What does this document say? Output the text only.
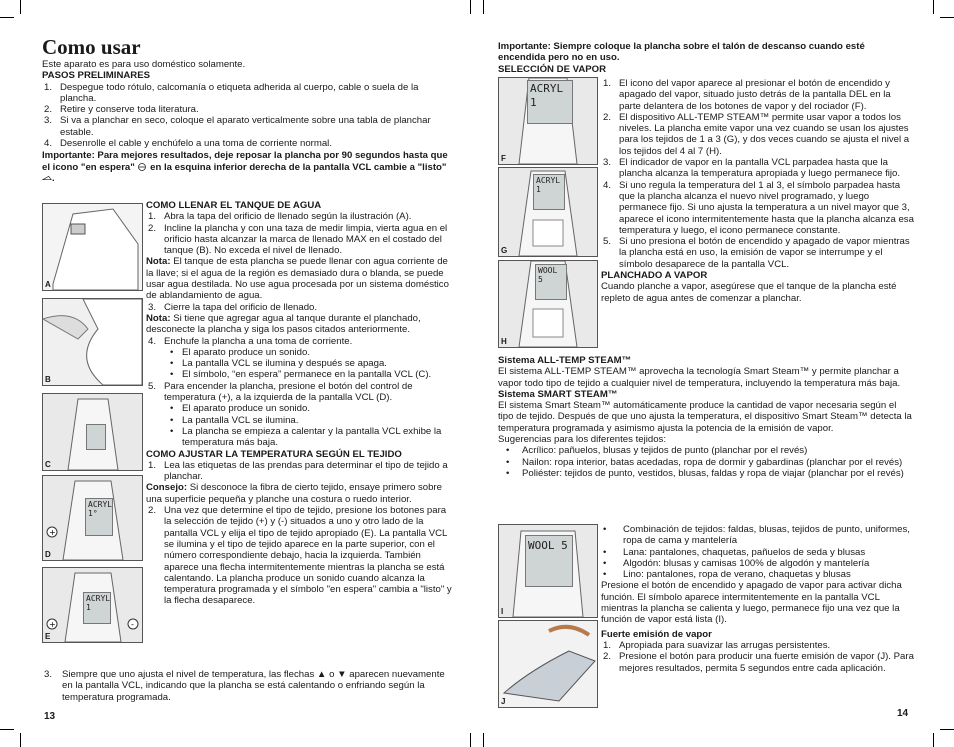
Como usar

Este aparato es para uso doméstico solamente.

PASOS PRELIMINARES

1. Despegue todo rótulo, calcomanía o etiqueta adherida al cuerpo, cable o suela de la plancha.
2. Retire y conserve toda literatura.
3. Si va a planchar en seco, coloque el aparato verticalmente sobre una tabla de planchar estable.
4. Desenrolle el cable y enchúfelo a una toma de corriente normal.

Importante: Para mejores resultados, deje reposar la plancha por 90 segundos hasta que el icono "en espera" en la esquina inferior derecha de la pantalla VCL cambie a "listo" .

A
B
C
+
ACRYL 1°
D
+	-
ACRYL 1
E

COMO LLENAR EL TANQUE DE AGUA

1. Abra la tapa del orificio de llenado según la ilustración (A).
2. Incline la plancha y con una taza de medir limpia, vierta agua en el orificio hasta alcanzar la marca de llenado MAX en el costado del tanque (B). No exceda el nivel de llenado.

Nota: El tanque de esta plancha se puede llenar con agua corriente de la llave; si el agua de la región es demasiado dura o blanda, se puede usar agua destilada. No use agua procesada por un sistema doméstico de ablandamiento de agua.

3. Cierre la tapa del orificio de llenado.

Nota: Si tiene que agregar agua al tanque durante el planchado, desconecte la plancha y siga los pasos citados anteriormente.

4. Enchufe la plancha a una toma de corriente.
• El aparato produce un sonido.
• La pantalla VCL se ilumina y después se apaga.
• El símbolo, “en espera” permanece en la pantalla VCL (C).
5. Para encender la plancha, presione el botón del control de temperatura (+), a la izquierda de la pantalla VCL (D).
• El aparato produce un sonido.
• La pantalla VCL se ilumina.
• La plancha se empieza a calentar y la pantalla VCL exhibe la temperatura más baja.

COMO AJUSTAR LA TEMPERATURA SEGÚN EL TEJIDO

1. Lea las etiquetas de las prendas para determinar el tipo de tejido a planchar.

Consejo: Si desconoce la fibra de cierto tejido, ensaye primero sobre una superficie pequeña y planche una costura o ruedo interior.

2. Una vez que determine el tipo de tejido, presione los botones para la selección de tejido (+) y (-) situados a uno y otro lado de la pantalla VCL y elija el tipo de tejido apropiado (E). La pantalla VCL se ilumina y el tipo de tejido aparece en la parte superior, con el número correspondiente debajo, hacia la izquierda. También aparece una flecha intermitentemente mientras la plancha se está calentando. La plancha produce un sonido cuando alcanza la temperatura programada y el símbolo "en espera" cambia a "listo" y la flecha desaparece.
3. Siempre que uno ajusta el nivel de temperatura, las flechas ▲ o ▼ aparecen nuevamente en la pantalla VCL, indicando que la plancha se está calentando o enfriando según la temperatura programada.
13

Importante: Siempre coloque la plancha sobre el talón de descanso cuando esté encendida pero no en uso.

SELECCIÓN DE VAPOR

ACRYL 1
F
ACRYL 1
G
WOOL 5
H
1. El icono del vapor aparece al presionar el botón de encendido y apagado del vapor, situado justo detrás de la pantalla DEL en la parte delantera de los botones de vapor y del rociador (F).
2. El dispositivo ALL-TEMP STEAM™ permite usar vapor a todos los niveles. La plancha emite vapor una vez cuando se usan los ajustes para los tejidos de 1 a 3 (G), y dos veces cuando se ajusta el nivel a los tejidos del 4 al 7 (H).
3. El indicador de vapor en la pantalla VCL parpadea hasta que la plancha alcanza la temperatura apropiada y luego permanece fijo.
4. Si uno regula la temperatura del 1 al 3, el símbolo parpadea hasta que la plancha alcanza el nuevo nivel programado, y luego permanece fijo. Si uno ajusta la temperatura a un nivel mayor que 3, aparece el icono intermitentemente hasta que la plancha alcanza esa temperatura y luego, el icono permanece constante.
5. Si uno presiona el botón de encendido y apagado de vapor mientras la plancha está en uso, la emisión de vapor se interrumpe y el símbolo desaparece de la pantalla VCL.

PLANCHADO A VAPOR

Cuando planche a vapor, asegúrese que el tanque de la plancha esté repleto de agua antes de comenzar a planchar.

Sistema ALL-TEMP STEAM™

El sistema ALL-TEMP STEAM™ aprovecha la tecnología Smart Steam™ y permite planchar a vapor todo tipo de tejido a cualquier nivel de temperatura, incluyendo la temperatura más baja.

Sistema SMART STEAM™

El sistema Smart Steam™ automáticamente produce la cantidad de vapor necesaria según el tipo de tejido. Después de que uno ajusta la temperatura, el dispositivo Smart Steam™ detecta la temperatura programada y asimismo ajusta la potencia de la emisión de vapor.

Sugerencias para los diferentes tejidos:

• Acrílico: pañuelos, blusas y tejidos de punto (planchar por el revés)
• Nailon: ropa interior, batas acedadas, ropa de dormir y gabardinas (planchar por el revés)
• Poliéster: tejidos de punto, vestidos, blusas, faldas y ropa de viajar (planchar por el revés)
WOOL 5
I
J
• Combinación de tejidos: faldas, blusas, tejidos de punto, uniformes, ropa de cama y mantelería
• Lana: pantalones, chaquetas, pañuelos de seda y blusas
• Algodón: blusas y camisas 100% de algodón y mantelería
• Lino: pantalones, ropa de verano, chaquetas y blusas

Presione el botón de encendido y apagado de vapor para activar dicha función. El símbolo aparece intermitentemente en la pantalla VCL mientras la plancha se calienta y luego, permanece fijo una vez que la función de vapor está lista (I).

Fuerte emisión de vapor

1. Apropiada para suavizar las arrugas persistentes.
2. Presione el botón para producir una fuerte emisión de vapor (J). Para mejores resultados, permita 5 segundos entre cada aplicación.
14
